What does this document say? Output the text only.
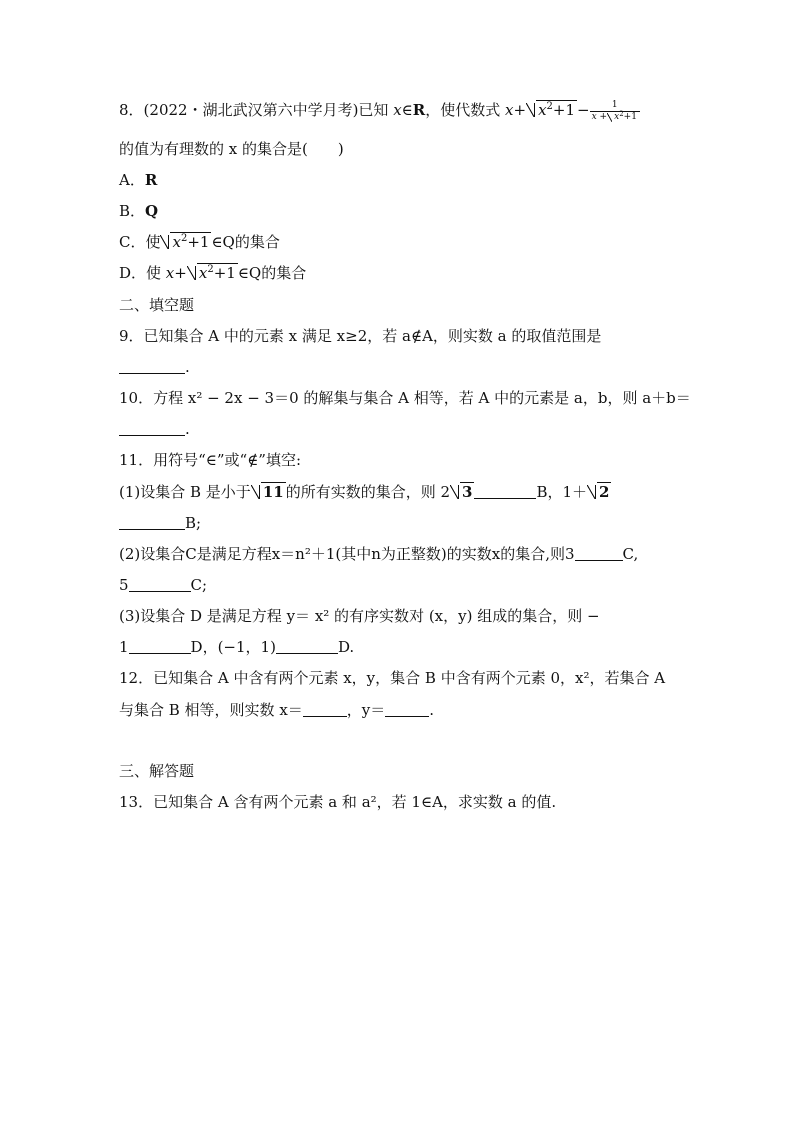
8．(2022・湖北武汉第六中学月考)已知 x∈R，使代数式 $x+ x^2+1 - \frac{1}{x + x^2+1}$
的值为有理数的 x 的集合是(　　)
A．R
B．Q
C．使 $x^2+1$ ∈Q的集合
D．使 $x+ x^2+1$ ∈Q的集合
二、填空题
9．已知集合 A 中的元素 x 满足 x≥2，若 a∉A，则实数 a 的取值范围是
.
10．方程 x² − 2x − 3＝0 的解集与集合 A 相等，若 A 中的元素是 a，b，则 a＋b＝
.
11．用符号“∈”或“∉”填空:
(1)设集合 B 是小于 11 的所有实数的集合，则 2 3	B，1＋ 2
B;
(2)设集合C是满足方程x＝n²＋1(其中n为正整数)的实数x的集合,则3	C,
5	C;
(3)设集合 D 是满足方程 y＝ x² 的有序实数对 (x，y) 组成的集合，则 −
1	D，(−1，1)	D.
12．已知集合 A 中含有两个元素 x，y，集合 B 中含有两个元素 0，x²，若集合 A
与集合 B 相等，则实数 x＝	，y＝	.
三、解答题
13．已知集合 A 含有两个元素 a 和 a²，若 1∈A，求实数 a 的值.
